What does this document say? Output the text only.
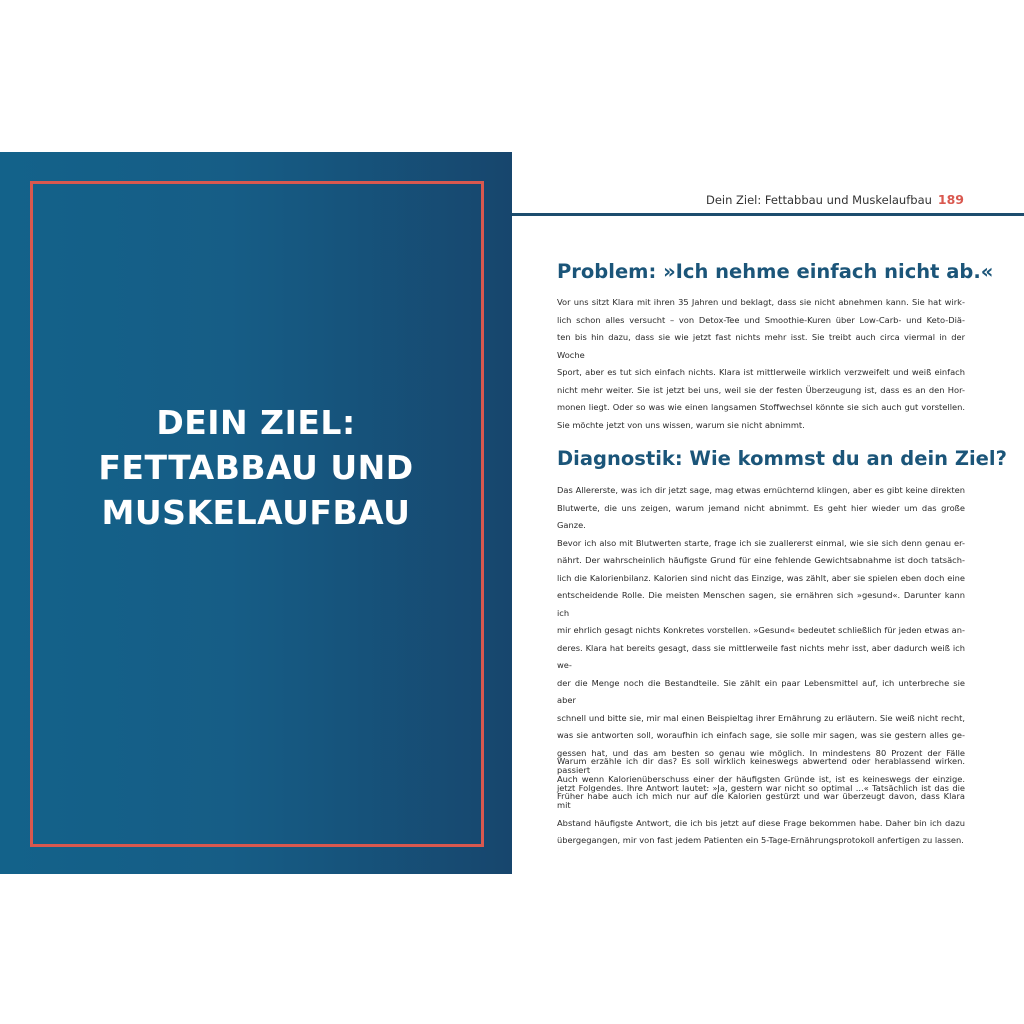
DEIN ZIEL:
FETTABBAU UND
MUSKELAUFBAU
Dein Ziel: Fettabbau und Muskelaufbau 189
Problem: »Ich nehme einfach nicht ab.«
Vor uns sitzt Klara mit ihren 35 Jahren und beklagt, dass sie nicht abnehmen kann. Sie hat wirk-
lich schon alles versucht – von Detox-Tee und Smoothie-Kuren über Low-Carb- und Keto-Diä-
ten bis hin dazu, dass sie wie jetzt fast nichts mehr isst. Sie treibt auch circa viermal in der Woche
Sport, aber es tut sich einfach nichts. Klara ist mittlerweile wirklich verzweifelt und weiß einfach
nicht mehr weiter. Sie ist jetzt bei uns, weil sie der festen Überzeugung ist, dass es an den Hor-
monen liegt. Oder so was wie einen langsamen Stoffwechsel könnte sie sich auch gut vorstellen.
Sie möchte jetzt von uns wissen, warum sie nicht abnimmt.
Diagnostik: Wie kommst du an dein Ziel?
Das Allererste, was ich dir jetzt sage, mag etwas ernüchternd klingen, aber es gibt keine direkten
Blutwerte, die uns zeigen, warum jemand nicht abnimmt. Es geht hier wieder um das große Ganze.
Bevor ich also mit Blutwerten starte, frage ich sie zuallererst einmal, wie sie sich denn genau er-
nährt. Der wahrscheinlich häufigste Grund für eine fehlende Gewichtsabnahme ist doch tatsäch-
lich die Kalorienbilanz. Kalorien sind nicht das Einzige, was zählt, aber sie spielen eben doch eine
entscheidende Rolle. Die meisten Menschen sagen, sie ernähren sich »gesund«. Darunter kann ich
mir ehrlich gesagt nichts Konkretes vorstellen. »Gesund« bedeutet schließlich für jeden etwas an-
deres. Klara hat bereits gesagt, dass sie mittlerweile fast nichts mehr isst, aber dadurch weiß ich we-
der die Menge noch die Bestandteile. Sie zählt ein paar Lebensmittel auf, ich unterbreche sie aber
schnell und bitte sie, mir mal einen Beispieltag ihrer Ernährung zu erläutern. Sie weiß nicht recht,
was sie antworten soll, woraufhin ich einfach sage, sie solle mir sagen, was sie gestern alles ge-
gessen hat, und das am besten so genau wie möglich. In mindestens 80 Prozent der Fälle passiert
jetzt Folgendes. Ihre Antwort lautet: »Ja, gestern war nicht so optimal ...« Tatsächlich ist das die mit
Abstand häufigste Antwort, die ich bis jetzt auf diese Frage bekommen habe. Daher bin ich dazu
übergegangen, mir von fast jedem Patienten ein 5-Tage-Ernährungsprotokoll anfertigen zu lassen.
Warum erzähle ich dir das? Es soll wirklich keineswegs abwertend oder herablassend wirken.
Auch wenn Kalorienüberschuss einer der häufigsten Gründe ist, ist es keineswegs der einzige.
Früher habe auch ich mich nur auf die Kalorien gestürzt und war überzeugt davon, dass Klara
